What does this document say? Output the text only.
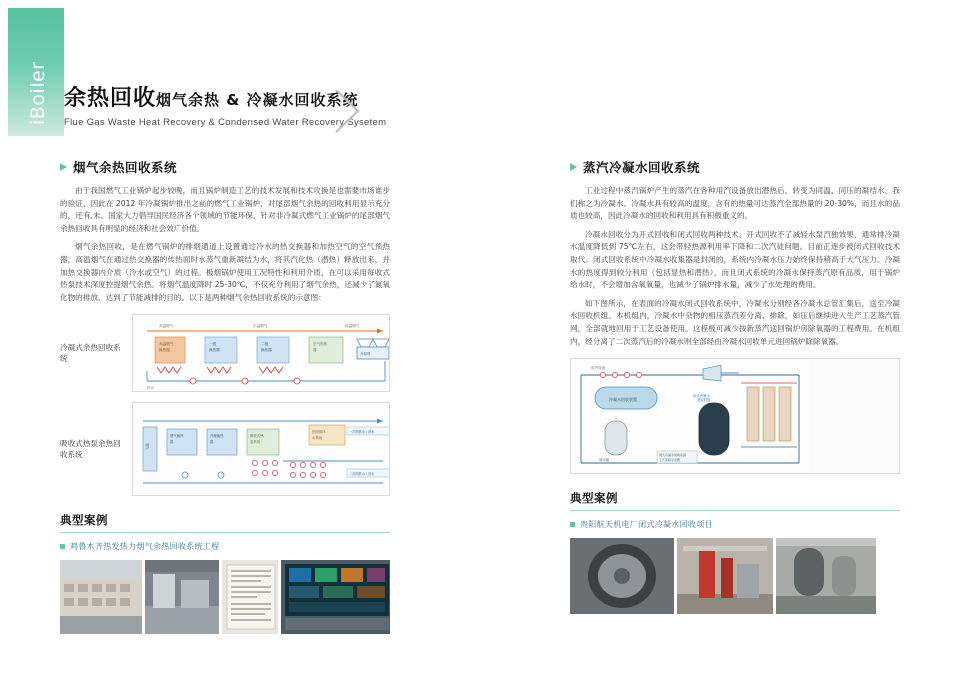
iBoiler 余热回收烟气余热 & 冷凝水回收系统
Flue Gas Waste Heat Recovery & Condensed Water Recovery Sysetem
烟气余热回收系统

由于我国燃气工业锅炉起步较晚，而且锅炉制造工艺的技术发展和技术攻换是也需要市场谁步的验证，因此在 2012 年冷凝锅炉推出之前的燃气工业锅炉，对尾部烟气余热的回收利用显示充分的，还有,未。国家大力倡导国民经济各个领域的节能环保，针对非冷凝式燃气工业锅炉的尾部烟气余热回收具有明显的经济和社会效广价值。

烟气余热回收，是在燃气锅炉的排烟通道上设置通过冷水的热交换器和加热空气的空气预热器，高温烟气在通过热交换器的传热面时水蒸气重新凝结为水，将其汽化热（潜热）释放出来，并加热交换器内介质（冷水或空气）的过程。极烟锅炉使用工况特性和利用介质，在可以采用每收式热泵技术深度控提烟气余热。将烟气温度降时 25-30℃，不仅充分利用了烟气余热，还减少了氮氧化物的排放，达到了节能减排的目的。以下是两种烟气余热回收系统的示意图：

冷凝式余热回收系统
高温烟气	中温烟气	低温烟气
高温烟气
换热器
一级
换热器
二级
换热器
空气预热
器
冷却塔
补水
吸收式热泵余热回收系统
烟气
烟气换热
器
冷凝换热
器
吸收式热
泵机组
热网循环
水系统
一次网供水 / 回水
二次网供水 / 回水
典型案例
鸡鲁木齐热发热力烟气余热回收系统工程
蒸汽冷凝水回收系统

工业过程中蒸汽锅炉产生的蒸汽在各种用汽设备放出潜热后，转变为同温、同压的凝结水，我们称之为冷凝水。冷凝水具有较高的温度，含有的热量可达蒸汽全部热量的 20-30%，而且水的品质也较高，因此冷凝水的回收和利用具有积极重义的。

冷凝水回收分为开式回收和闭式回收两种技术。开式回收不了减轻水泵汽独效果，通常排冷凝水温度降低到 75℃左右，这会带轻热源利用率下降和二次汽徒问题。目前正逐步被闭式回收技术取代。闭式回收系统中冷凝水收集器是封闭的，系统内冷凝水压力始终保持稍高于大气压力。冷凝水的热度得到较分利用（包括显热和潜热），而且闭式系统的冷凝水保持蒸汽原有品质，用于锅炉给水时，不会增加含氧氧量，也减少了锅炉排水量，减少了水处理的费用。

如下图所示，在表面的冷凝水闭式回收系统中，冷凝水分别经各冷凝水总管汇集后，送至冷凝水回收机组。本机组内，冷凝水中杂物的相压蒸汽差分离、排除，如压后继续进入生产工艺蒸汽管网，全部就地回用于工艺设备使用。这程极可减少按新蒸汽送回锅炉房除氧器的工程费用。在机组内，经分离了二次蒸汽后的冷凝水则全部经由冷凝水回收单元进回锅炉除除氧器。

用汽设备
冷凝水回收装置
储水罐
闭式冷凝水
回收机组
闭式冷凝水回收系统
工艺流程示意图
典型案例
贵阳航天机电厂闭式冷凝水回收项目
